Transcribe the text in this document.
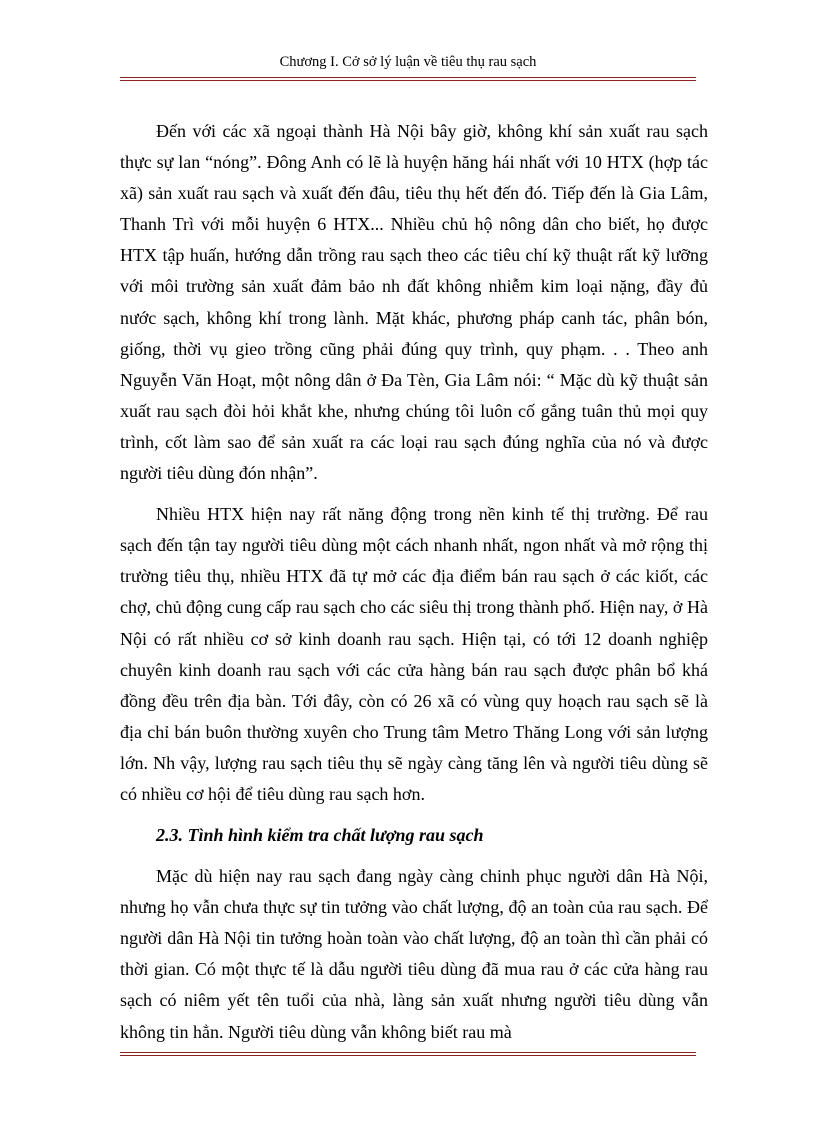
Chương I. Cở sở lý luận về tiêu thụ rau sạch

Đến với các xã ngoại thành Hà Nội bây giờ, không khí sản xuất rau sạch thực sự lan “nóng”. Đông Anh có lẽ là huyện hăng hái nhất với 10 HTX (hợp tác xã) sản xuất rau sạch và xuất đến đâu, tiêu thụ hết đến đó. Tiếp đến là Gia Lâm, Thanh Trì với mỗi huyện 6 HTX... Nhiều chủ hộ nông dân cho biết, họ được HTX tập huấn, hướng dẫn trồng rau sạch theo các tiêu chí kỹ thuật rất kỹ lưỡng với môi trường sản xuất đảm bảo nh đất không nhiễm kim loại nặng, đầy đủ nước sạch, không khí trong lành. Mặt khác, phương pháp canh tác, phân bón, giống, thời vụ gieo trồng cũng phải đúng quy trình, quy phạm. . . Theo anh Nguyễn Văn Hoạt, một nông dân ở Đa Tèn, Gia Lâm nói: “ Mặc dù kỹ thuật sản xuất rau sạch đòi hỏi khắt khe, nhưng chúng tôi luôn cố gắng tuân thủ mọi quy trình, cốt làm sao để sản xuất ra các loại rau sạch đúng nghĩa của nó và được người tiêu dùng đón nhận”.

Nhiều HTX hiện nay rất năng động trong nền kinh tế thị trường. Để rau sạch đến tận tay người tiêu dùng một cách nhanh nhất, ngon nhất và mở rộng thị trường tiêu thụ, nhiều HTX đã tự mở các địa điểm bán rau sạch ở các kiốt, các chợ, chủ động cung cấp rau sạch cho các siêu thị trong thành phố. Hiện nay, ở Hà Nội có rất nhiều cơ sở kinh doanh rau sạch. Hiện tại, có tới 12 doanh nghiệp chuyên kinh doanh rau sạch với các cửa hàng bán rau sạch được phân bổ khá đồng đều trên địa bàn. Tới đây, còn có 26 xã có vùng quy hoạch rau sạch sẽ là địa chỉ bán buôn thường xuyên cho Trung tâm Metro Thăng Long với sản lượng lớn. Nh vậy, lượng rau sạch tiêu thụ sẽ ngày càng tăng lên và người tiêu dùng sẽ có nhiều cơ hội để tiêu dùng rau sạch hơn.

2.3. Tình hình kiểm tra chất lượng rau sạch

Mặc dù hiện nay rau sạch đang ngày càng chinh phục người dân Hà Nội, nhưng họ vẫn chưa thực sự tin tưởng vào chất lượng, độ an toàn của rau sạch. Để người dân Hà Nội tin tưởng hoàn toàn vào chất lượng, độ an toàn thì cần phải có thời gian. Có một thực tế là dẫu người tiêu dùng đã mua rau ở các cửa hàng rau sạch có niêm yết tên tuổi của nhà, làng sản xuất nhưng người tiêu dùng vẫn không tin hẳn. Người tiêu dùng vẫn không biết rau mà
